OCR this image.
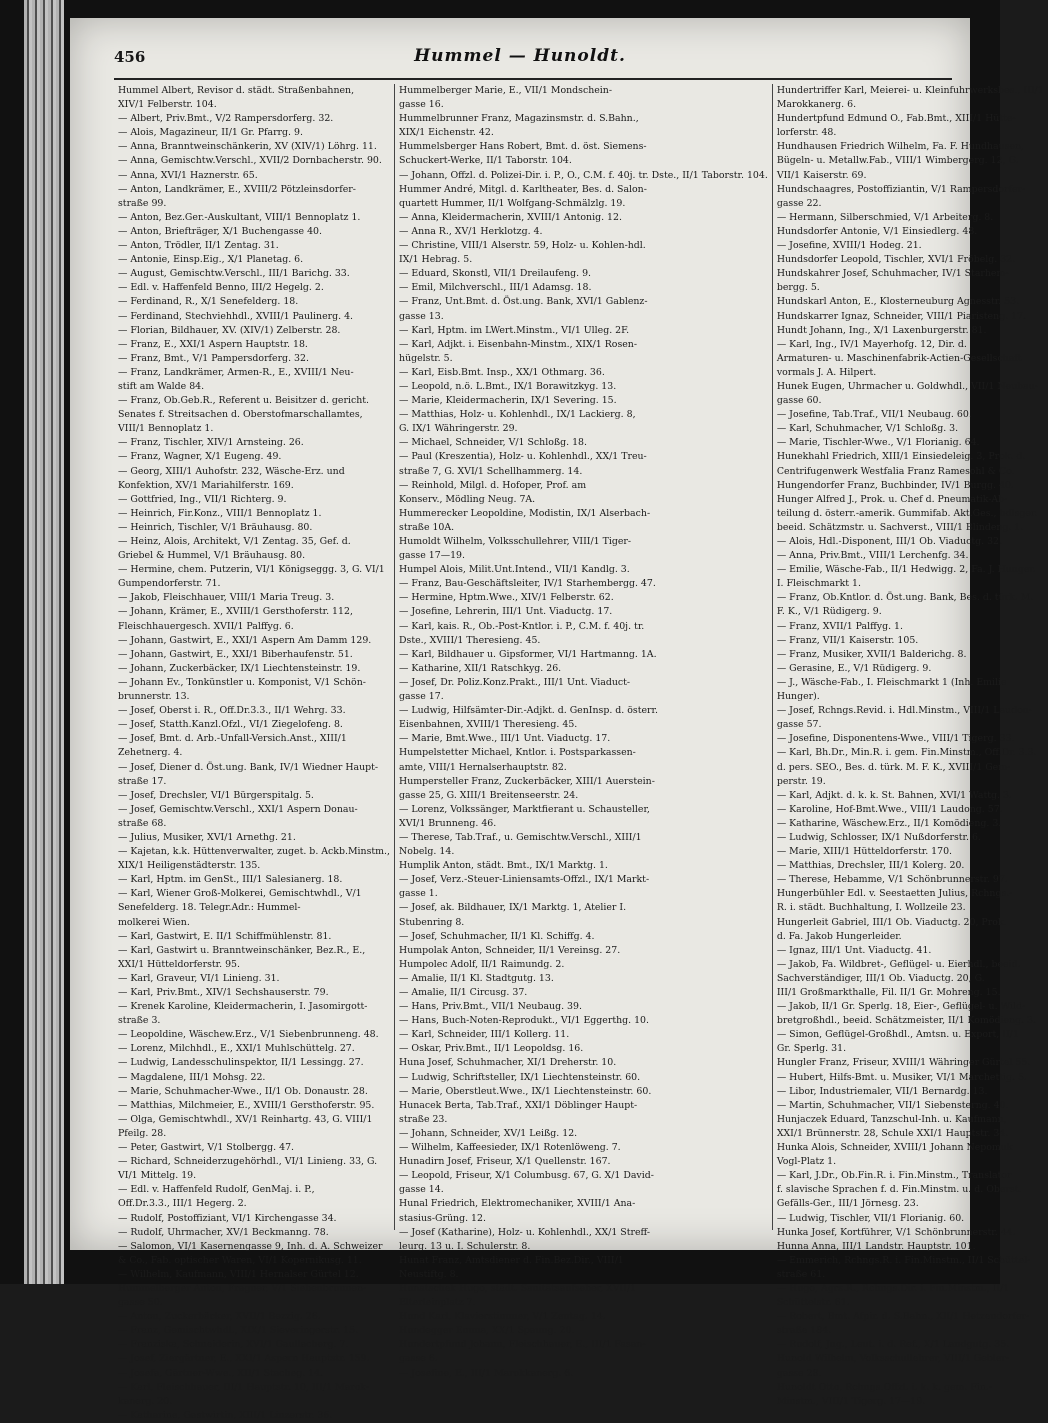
456	Hummel — Hunoldt.
Hummel Albert, Revisor d. städt. Straßenbahnen,
XIV/1 Felberstr. 104.
— Albert, Priv.Bmt., V/2 Rampersdorferg. 32.
— Alois, Magazineur, II/1 Gr. Pfarrg. 9.
— Anna, Branntweinschänkerin, XV (XIV/1) Löhrg. 11.
— Anna, Gemischtw.Verschl., XVII/2 Dornbacherstr. 90.
— Anna, XVI/1 Haznerstr. 65.
— Anton, Landkrämer, E., XVIII/2 Pötzleinsdorfer-
straße 99.
— Anton, Bez.Ger.-Auskultant, VIII/1 Bennoplatz 1.
— Anton, Briefträger, X/1 Buchengasse 40.
— Anton, Trödler, II/1 Zentag. 31.
— Antonie, Einsp.Eig., X/1 Planetag. 6.
— August, Gemischtw.Verschl., III/1 Barichg. 33.
— Edl. v. Haffenfeld Benno, III/2 Hegelg. 2.
— Ferdinand, R., X/1 Senefelderg. 18.
— Ferdinand, Stechviehhdl., XVIII/1 Paulinerg. 4.
— Florian, Bildhauer, XV. (XIV/1) Zelberstr. 28.
— Franz, E., XXI/1 Aspern Hauptstr. 18.
— Franz, Bmt., V/1 Pampersdorferg. 32.
— Franz, Landkrämer, Armen-R., E., XVIII/1 Neu-
stift am Walde 84.
— Franz, Ob.Geb.R., Referent u. Beisitzer d. gericht.
Senates f. Streitsachen d. Oberstofmarschallamtes,
VIII/1 Bennoplatz 1.
— Franz, Tischler, XIV/1 Arnsteing. 26.
— Franz, Wagner, X/1 Eugeng. 49.
— Georg, XIII/1 Auhofstr. 232, Wäsche-Erz. und
Konfektion, XV/1 Mariahilferstr. 169.
— Gottfried, Ing., VII/1 Richterg. 9.
— Heinrich, Fir.Konz., VIII/1 Bennoplatz 1.
— Heinrich, Tischler, V/1 Bräuhausg. 80.
— Heinz, Alois, Architekt, V/1 Zentag. 35, Gef. d.
Griebel & Hummel, V/1 Bräuhausg. 80.
— Hermine, chem. Putzerin, VI/1 Königseggg. 3, G. VI/1
Gumpendorferstr. 71.
— Jakob, Fleischhauer, VIII/1 Maria Treug. 3.
— Johann, Krämer, E., XVIII/1 Gersthoferstr. 112,
Fleischhauergesch. XVII/1 Palffyg. 6.
— Johann, Gastwirt, E., XXI/1 Aspern Am Damm 129.
— Johann, Gastwirt, E., XXI/1 Biberhaufenstr. 51.
— Johann, Zuckerbäcker, IX/1 Liechtensteinstr. 19.
— Johann Ev., Tonkünstler u. Komponist, V/1 Schön-
brunnerstr. 13.
— Josef, Oberst i. R., Off.Dr.3.3., II/1 Wehrg. 33.
— Josef, Statth.Kanzl.Ofzl., VI/1 Ziegelofeng. 8.
— Josef, Bmt. d. Arb.-Unfall-Versich.Anst., XIII/1
Zehetnerg. 4.
— Josef, Diener d. Öst.ung. Bank, IV/1 Wiedner Haupt-
straße 17.
— Josef, Drechsler, VI/1 Bürgerspitalg. 5.
— Josef, Gemischtw.Verschl., XXI/1 Aspern Donau-
straße 68.
— Julius, Musiker, XVI/1 Arnethg. 21.
— Kajetan, k.k. Hüttenverwalter, zuget. b. Ackb.Minstm.,
XIX/1 Heiligenstädterstr. 135.
— Karl, Hptm. im GenSt., III/1 Salesianerg. 18.
— Karl, Wiener Groß-Molkerei, Gemischtwhdl., V/1
Senefelderg. 18. Telegr.Adr.: Hummel-
molkerei Wien.
— Karl, Gastwirt, E. II/1 Schiffmühlenstr. 81.
— Karl, Gastwirt u. Branntweinschänker, Bez.R., E.,
XXI/1 Hütteldorferstr. 95.
— Karl, Graveur, VI/1 Linieng. 31.
— Karl, Priv.Bmt., XIV/1 Sechshauserstr. 79.
— Krenek Karoline, Kleidermacherin, I. Jasomirgott-
straße 3.
— Leopoldine, Wäschew.Erz., V/1 Siebenbrunneng. 48.
— Lorenz, Milchhdl., E., XXI/1 Muhlschüttelg. 27.
— Ludwig, Landesschulinspektor, II/1 Lessingg. 27.
— Magdalene, III/1 Mohsg. 22.
— Marie, Schuhmacher-Wwe., II/1 Ob. Donaustr. 28.
— Matthias, Milchmeier, E., XVIII/1 Gersthoferstr. 95.
— Olga, Gemischtwhdl., XV/1 Reinhartg. 43, G. VIII/1
Pfeilg. 28.
— Peter, Gastwirt, V/1 Stolbergg. 47.
— Richard, Schneiderzugehörhdl., VI/1 Linieng. 33, G.
VI/1 Mittelg. 19.
— Edl. v. Haffenfeld Rudolf, GenMaj. i. P.,
Off.Dr.3.3., III/1 Hegerg. 2.
— Rudolf, Postoffiziant, VI/1 Kirchengasse 34.
— Rudolf, Uhrmacher, XV/1 Beckmanng. 78.
— Salomon, VI/1 Kasernengasse 9, Inh. d. A. Schweizer
& Co., Fab. optischer Waren, VI/1 Kopernikusg. 11.
— Wilhelm, Kaufmann, VIII/1 Hernalser Gürtel 12.
Hummelberger Anton, Fragner, V/1 Siebenbrunnen-
gasse 50.
— Anton, Zuckerbäcker, XVII/1 Bezzig. 26.
— Franz, Gemischtwhdl., XIX/1 Sieveringerstr. 15.
— Franziska, Schneiderin, XVI/1 Gaullacherg. 7.
— Josef, Ziergärtner, E., XXI/1 Aspern Hauptstr. 159.
— Josefa, Gärtner-Wwe., XII/1 Stacheg. 14.
— Karl, Fleischhauer, III/1 Hauptstr. 10, III/1 Marok-
kanerg. 20.
— Katharine, Gastwirtin, XIII/1 Linzerstr. 36.
Hummelberger Marie, E., VII/1 Mondschein-
gasse 16.
Hummelbrunner Franz, Magazinsmstr. d. S.Bahn.,
XIX/1 Eichenstr. 42.
Hummelsberger Hans Robert, Bmt. d. öst. Siemens-
Schuckert-Werke, II/1 Taborstr. 104.
— Johann, Offzl. d. Polizei-Dir. i. P., O., C.M. f. 40j. tr. Dste., II/1 Taborstr. 104.
Hummer André, Mitgl. d. Karltheater, Bes. d. Salon-
quartett Hummer, II/1 Wolfgang-Schmälzlg. 19.
— Anna, Kleidermacherin, XVIII/1 Antonig. 12.
— Anna R., XV/1 Herklotzg. 4.
— Christine, VIII/1 Alserstr. 59, Holz- u. Kohlen-hdl.
IX/1 Hebrag. 5.
— Eduard, Skonstl, VII/1 Dreilaufeng. 9.
— Emil, Milchverschl., III/1 Adamsg. 18.
— Franz, Unt.Bmt. d. Öst.ung. Bank, XVI/1 Gablenz-
gasse 13.
— Karl, Hptm. im LWert.Minstm., VI/1 Ulleg. 2F.
— Karl, Adjkt. i. Eisenbahn-Minstm., XIX/1 Rosen-
hügelstr. 5.
— Karl, Eisb.Bmt. Insp., XX/1 Othmarg. 36.
— Leopold, n.ö. L.Bmt., IX/1 Borawitzkyg. 13.
— Marie, Kleidermacherin, IX/1 Severing. 15.
— Matthias, Holz- u. Kohlenhdl., IX/1 Lackierg. 8,
G. IX/1 Währingerstr. 29.
— Michael, Schneider, V/1 Schloßg. 18.
— Paul (Kreszentia), Holz- u. Kohlenhdl., XX/1 Treu-
straße 7, G. XVI/1 Schellhammerg. 14.
— Reinhold, Milgl. d. Hofoper, Prof. am
Konserv., Mödling Neug. 7A.
Hummerecker Leopoldine, Modistin, IX/1 Alserbach-
straße 10A.
Humoldt Wilhelm, Volksschullehrer, VIII/1 Tiger-
gasse 17—19.
Humpel Alois, Milit.Unt.Intend., VII/1 Kandlg. 3.
— Franz, Bau-Geschäftsleiter, IV/1 Starhembergg. 47.
— Hermine, Hptm.Wwe., XIV/1 Felberstr. 62.
— Josefine, Lehrerin, III/1 Unt. Viaductg. 17.
— Karl, kais. R., Ob.-Post-Kntlor. i. P., C.M. f. 40j. tr.
Dste., XVIII/1 Theresieng. 45.
— Karl, Bildhauer u. Gipsformer, VI/1 Hartmanng. 1A.
— Katharine, XII/1 Ratschkyg. 26.
— Josef, Dr. Poliz.Konz.Prakt., III/1 Unt. Viaduct-
gasse 17.
— Ludwig, Hilfsämter-Dir.-Adjkt. d. GenInsp. d. österr.
Eisenbahnen, XVIII/1 Theresieng. 45.
— Marie, Bmt.Wwe., III/1 Unt. Viaductg. 17.
Humpelstetter Michael, Kntlor. i. Postsparkassen-
amte, VIII/1 Hernalserhauptstr. 82.
Humpersteller Franz, Zuckerbäcker, XIII/1 Auerstein-
gasse 25, G. XIII/1 Breitenseerstr. 24.
— Lorenz, Volkssänger, Marktfierant u. Schausteller,
XVI/1 Brunneng. 46.
— Therese, Tab.Traf., u. Gemischtw.Verschl., XIII/1
Nobelg. 14.
Humplik Anton, städt. Bmt., IX/1 Marktg. 1.
— Josef, Verz.-Steuer-Liniensamts-Offzl., IX/1 Markt-
gasse 1.
— Josef, ak. Bildhauer, IX/1 Marktg. 1, Atelier I.
Stubenring 8.
— Josef, Schuhmacher, II/1 Kl. Schiffg. 4.
Humpolak Anton, Schneider, II/1 Vereinsg. 27.
Humpolec Adolf, II/1 Raimundg. 2.
— Amalie, II/1 Kl. Stadtgutg. 13.
— Amalie, II/1 Circusg. 37.
— Hans, Priv.Bmt., VII/1 Neubaug. 39.
— Hans, Buch-Noten-Reprodukt., VI/1 Eggerthg. 10.
— Karl, Schneider, III/1 Kollerg. 11.
— Oskar, Priv.Bmt., II/1 Leopoldsg. 16.
Huna Josef, Schuhmacher, XI/1 Dreherstr. 10.
— Ludwig, Schriftsteller, IX/1 Liechtensteinstr. 60.
— Marie, Oberstleut.Wwe., IX/1 Liechtensteinstr. 60.
Hunacek Berta, Tab.Traf., XXI/1 Döblinger Haupt-
straße 23.
— Johann, Schneider, XV/1 Leißg. 12.
— Wilhelm, Kaffeesieder, IX/1 Rotenlöweng. 7.
Hunadirn Josef, Friseur, X/1 Quellenstr. 167.
— Leopold, Friseur, X/1 Columbusg. 67, G. X/1 David-
gasse 14.
Hunal Friedrich, Elektromechaniker, XVIII/1 Ana-
stasius-Grüng. 12.
— Josef (Katharine), Holz- u. Kohlenhdl., XX/1 Streff-
leurg. 13 u. I. Schulerstr. 8.
Hunat Franz, Amtsdiener d. Fin.Bez.Dir., VIII/1
Neustiftg. 8.
Hunatschek Hugo, städt. Sanitätsaufseher, XVII/1
Elterleinplatz 7.
Hund Karl, Klavierstimmer, V/1 Zentag. 14.
Hundegger Emma, XX/1 Spaung. 20.
Hundertpfund Johann, Fleischhauer, E., III/1 Fasan-
gasse 6.
— Josefine, E., III/1 Marokkanerg. 6.
Hundertriffer Karl, Meierei- u. Kleinfuhrwerksbes., III/1
Marokkanerg. 6.
Hundertpfund Edmund O., Fab.Bmt., XIII/1 Hütte-
lorferstr. 48.
Hundhausen Friedrich Wilhelm, Fa. F. Hundhausen,
Bügeln- u. Metallw.Fab., VIII/1 Wimbergerg. 12, G.
VII/1 Kaiserstr. 69.
Hundschaagres, Postoffiziantin, V/1 Rampersdorfer-
gasse 22.
— Hermann, Silberschmied, V/1 Arbeiterg. 8.
Hundsdorfer Antonie, V/1 Einsiedlerg. 48.
— Josefine, XVIII/1 Hodeg. 21.
Hundsdorfer Leopold, Tischler, XVI/1 Fröbelg. 32.
Hundskahrer Josef, Schuhmacher, IV/1 Starhem-
bergg. 5.
Hundskarl Anton, E., Klosterneuburg Agnesstr. 53.
Hundskarrer Ignaz, Schneider, VIII/1 Piaristeng. 17.
Hundt Johann, Ing., X/1 Laxenburgerstr. 81.
— Karl, Ing., IV/1 Mayerhofg. 12, Dir. d.
Armaturen- u. Maschinenfabrik-Actien-Gesellschaft
vormals J. A. Hilpert.
Hunek Eugen, Uhrmacher u. Goldwhdl., VII/1 Neubau-
gasse 60.
— Josefine, Tab.Traf., VII/1 Neubaug. 60.
— Karl, Schuhmacher, V/1 Schloßg. 3.
— Marie, Tischler-Wwe., V/1 Florianig. 64.
Hunekhahl Friedrich, XIII/1 Einsiedeleig. 3, Prok. d.
Centrifugenwerk Westfalia Franz Ramesohl & Co.
Hungendorfer Franz, Buchbinder, IV/1 Burgg. 40.
Hunger Alfred J., Prok. u. Chef d. Pneumatik-Ab-
teilung d. österr.-amerik. Gummifab. Akt.Ges., hdlsger.
beeid. Schätzmstr. u. Sachverst., VIII/1 Blindeng. 1.
— Alois, Hdl.-Disponent, III/1 Ob. Viaductg. 32.
— Anna, Priv.Bmt., VIII/1 Lerchenfg. 34.
— Emilie, Wäsche-Fab., II/1 Hedwigg. 2, Fa. J. Hunger.
I. Fleischmarkt 1.
— Franz, Ob.Kntlor. d. Öst.ung. Bank, Bes. d. türk. M.
F. K., V/1 Rüdigerg. 9.
— Franz, XVII/1 Palffyg. 1.
— Franz, VII/1 Kaiserstr. 105.
— Franz, Musiker, XVII/1 Balderichg. 8.
— Gerasine, E., V/1 Rüdigerg. 9.
— J., Wäsche-Fab., I. Fleischmarkt 1 (Inh. Emilie
Hunger).
— Josef, Rchngs.Revid. i. Hdl.Minstm., VIII/1 Laudon-
gasse 57.
— Josefine, Disponentens-Wwe., VIII/1 Tigerg. 33.
— Karl, Bh.Dr., Min.R. i. gem. Fin.Minstm., Off.Dr. 3.3.
d. pers. SEO., Bes. d. türk. M. F. K., XVIII/1 Gem-
perstr. 19.
— Karl, Adjkt. d. k. k. St. Bahnen, XVI/1 Wattg. 3.
— Karoline, Hof-Bmt.Wwe., VIII/1 Laudong. 57.
— Katharine, Wäschew.Erz., II/1 Komödieng. 3.
— Ludwig, Schlosser, IX/1 Nußdorferstr. 6.
— Marie, XIII/1 Hütteldorferstr. 170.
— Matthias, Drechsler, III/1 Kolerg. 20.
— Therese, Hebamme, V/1 Schönbrunnerstr. 97.
Hungerbühler Edl. v. Seestaetten Julius, Rchngs.-
R. i. städt. Buchhaltung, I. Wollzeile 23.
Hungerleit Gabriel, III/1 Ob. Viaductg. 20, Prok.
d. Fa. Jakob Hungerleider.
— Ignaz, III/1 Unt. Viaductg. 41.
— Jakob, Fa. Wildbret-, Geflügel- u. Eierhdl., beeid.
Sachverständiger, III/1 Ob. Viaductg. 20, G.
III/1 Großmarkthalle, Fil. II/1 Gr. Mohreng. 15.
— Jakob, II/1 Gr. Sperlg. 18, Eier-, Geflügel- u. Wild-
bretgroßhdl., beeid. Schätzmeister, II/1 Komödieng. 3.
— Simon, Geflügel-Großhdl., Amtsn. u. Export, II/1
Gr. Sperlg. 31.
Hungler Franz, Friseur, XVIII/1 Währinger Gürtel 55.
— Hubert, Hilfs-Bmt. u. Musiker, VI/1 Marchettig. 5.
— Libor, Industriemaler, VII/1 Bernardg. 13.
— Martin, Schuhmacher, VII/1 Siebensterng. 40.
Hunjaczek Eduard, Tanzschul-Inh. u. Kaufmann,
XXI/1 Brünnerstr. 28, Schule XXI/1 Hauptstr. 34.
Hunka Alois, Schneider, XVIII/1 Johann Nepomuk
Vogl-Platz 1.
— Karl, J.Dr., Ob.Fin.R. i. Fin.Minstm., Translator
f. slavische Sprachen f. d. Fin.Minstm. u. d. Oberst.
Gefälls-Ger., III/1 Jörnesg. 23.
— Ludwig, Tischler, VII/1 Florianig. 60.
Hunka Josef, Kortführer, V/1 Schönbrunnerstr. 44.
Hunna Anna, III/1 Landstr. Hauptstr. 101.
— Emmerich, Rchngs.R. i. Fin.Minstm., II/1 Schüttel-
straße 61.
— Hugo, Agrs.R., Rchngs.Dir. i. Fin.Minstm., II/1
Schüttelstr. 61.
— Robert, Bmt. Afpir. d. S.Bahn., XII/1 Hetzendorfer-
straße 184.
— Rudolf, Jng., Leut. i. d. Ref., X/1 Landgutg. 35.
Hunold Wilhelm, Volksschullehrer, VIII/1 Gebler-
gasse 28.
Hunoldt Otto, Rchngs.Offzl. i. k. k. gem. Fin.-
Minstm., VIII/1 Tigerg. 17—19.
